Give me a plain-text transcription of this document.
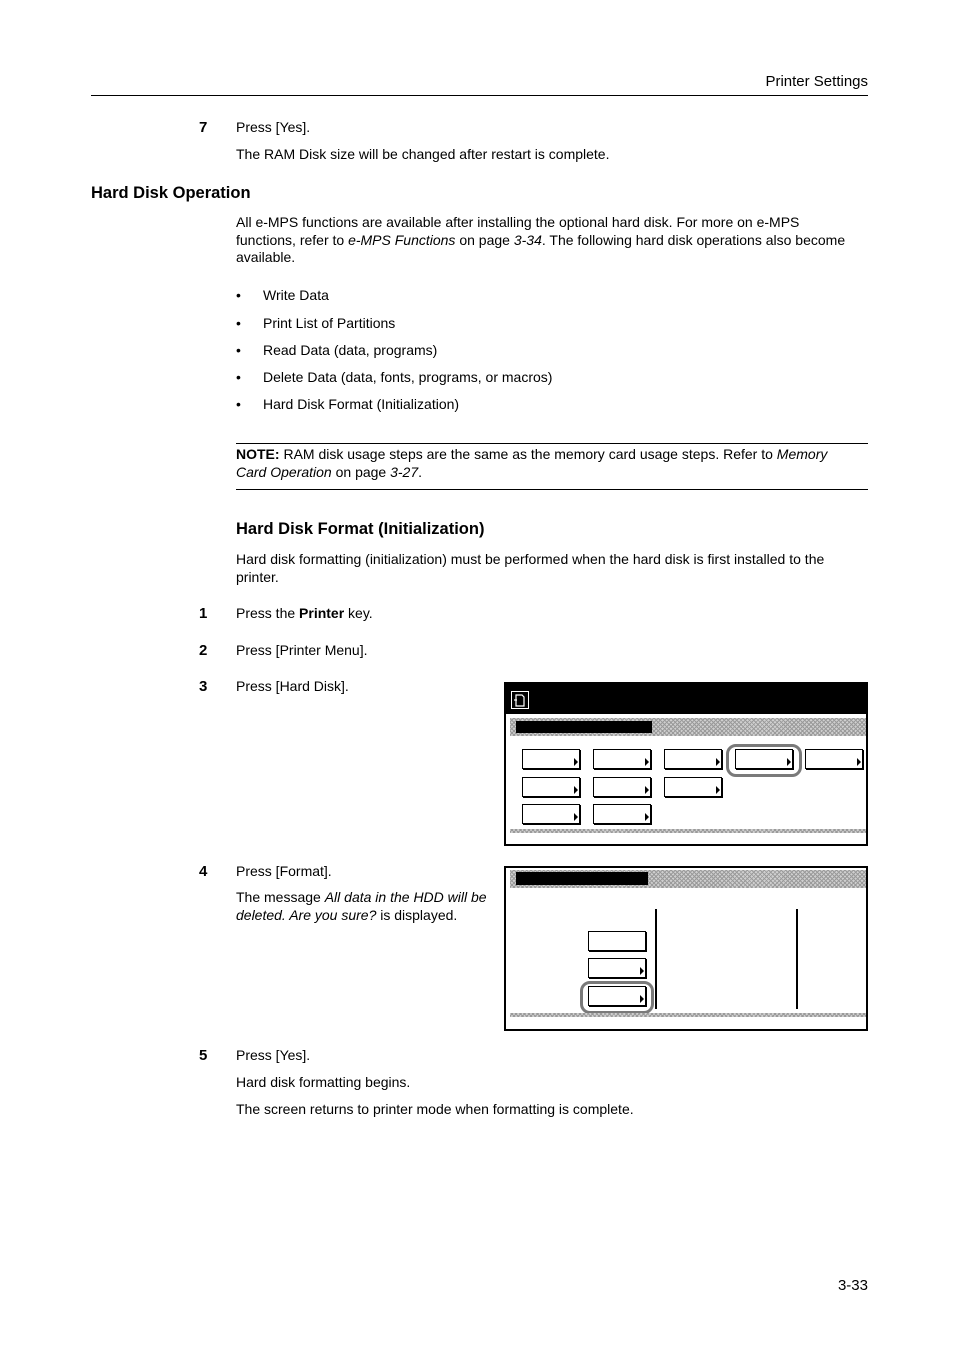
Printer Settings
7 Press [Yes].
The RAM Disk size will be changed after restart is complete.
Hard Disk Operation
All e-MPS functions are available after installing the optional hard disk. For more on e-MPS
functions, refer to e-MPS Functions on page 3-34. The following hard disk operations also become
available.
• Write Data
• Print List of Partitions
• Read Data (data, programs)
• Delete Data (data, fonts, programs, or macros)
• Hard Disk Format (Initialization)
NOTE: RAM disk usage steps are the same as the memory card usage steps. Refer to Memory
Card Operation on page 3-27.
Hard Disk Format (Initialization)
Hard disk formatting (initialization) must be performed when the hard disk is first installed to the
printer.
1 Press the Printer key.
2 Press [Printer Menu].
3 Press [Hard Disk].
4 Press [Format].
The message All data in the HDD will be
deleted. Are you sure? is displayed.
5 Press [Yes].
Hard disk formatting begins.
The screen returns to printer mode when formatting is complete.
3-33
